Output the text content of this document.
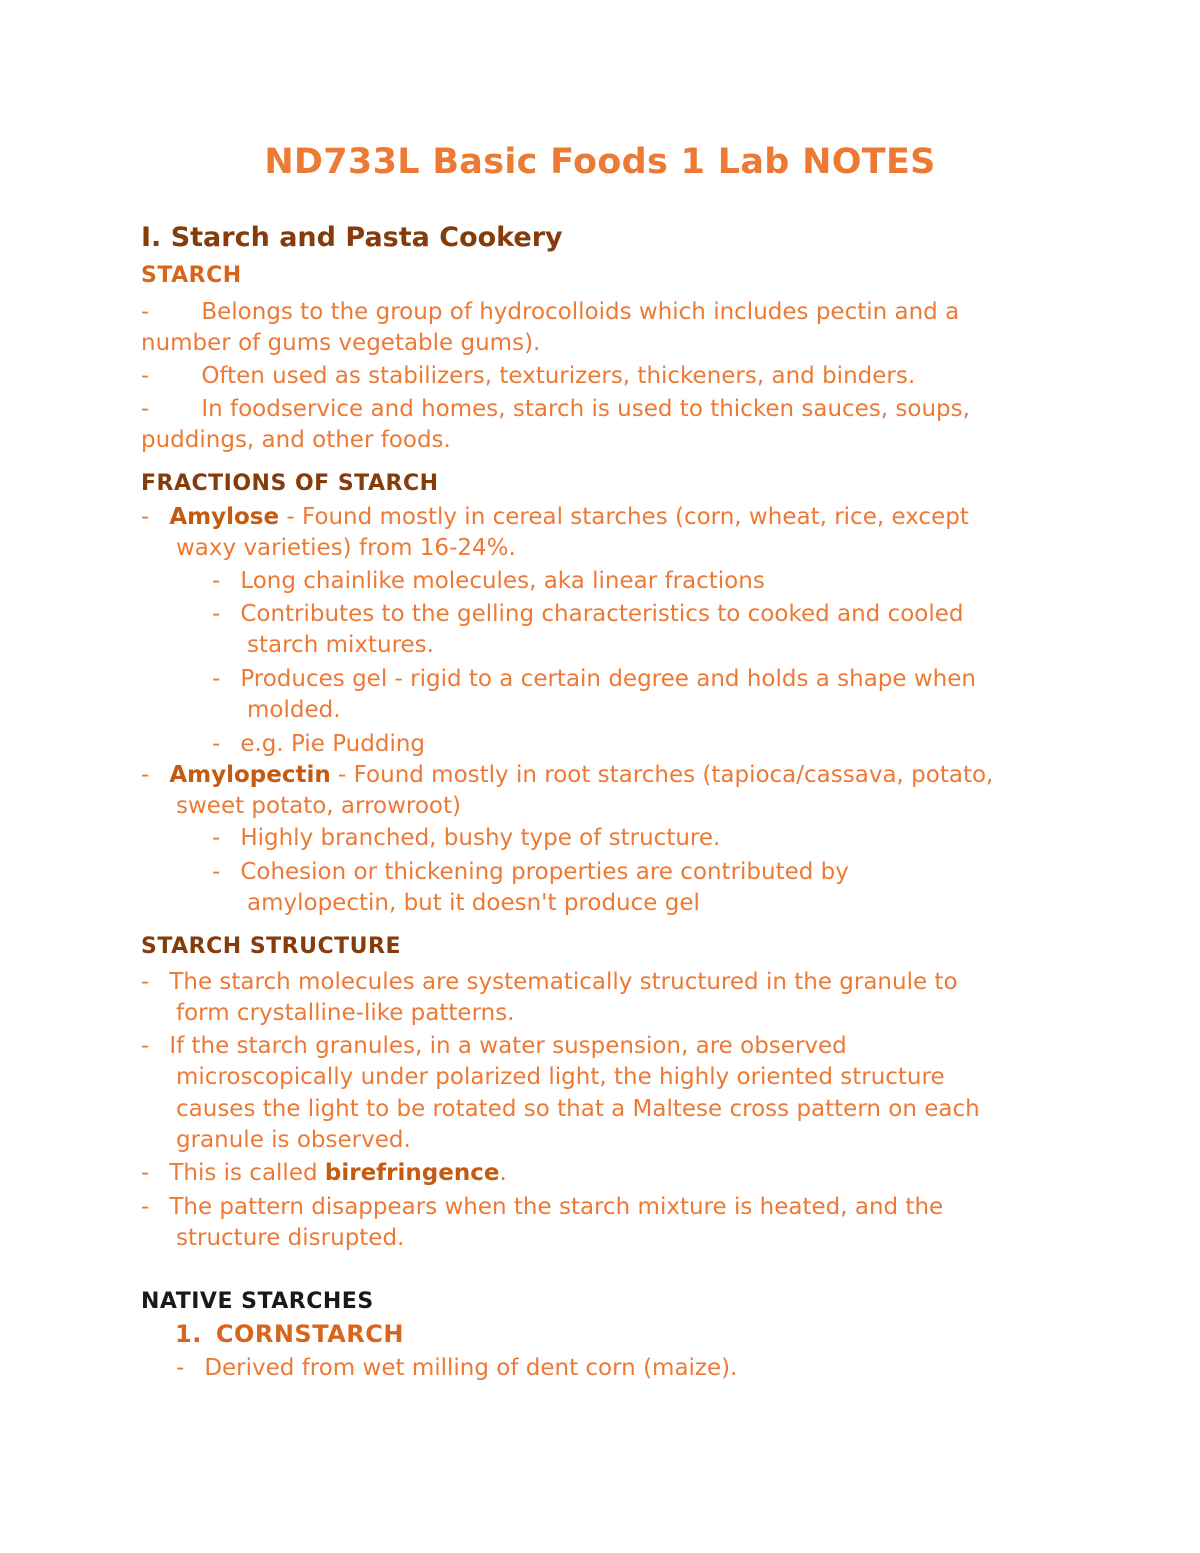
ND733L Basic Foods 1 Lab NOTES
I. Starch and Pasta Cookery
STARCH
- Belongs to the group of hydrocolloids which includes pectin and a
number of gums vegetable gums).
- Often used as stabilizers, texturizers, thickeners, and binders.
- In foodservice and homes, starch is used to thicken sauces, soups,
puddings, and other foods.
FRACTIONS OF STARCH
- Amylose - Found mostly in cereal starches (corn, wheat, rice, except
waxy varieties) from 16-24%.
- Long chainlike molecules, aka linear fractions
- Contributes to the gelling characteristics to cooked and cooled
starch mixtures.
- Produces gel - rigid to a certain degree and holds a shape when
molded.
- e.g. Pie Pudding
- Amylopectin - Found mostly in root starches (tapioca/cassava, potato,
sweet potato, arrowroot)
- Highly branched, bushy type of structure.
- Cohesion or thickening properties are contributed by
amylopectin, but it doesn't produce gel
STARCH STRUCTURE
- The starch molecules are systematically structured in the granule to
form crystalline-like patterns.
- If the starch granules, in a water suspension, are observed
microscopically under polarized light, the highly oriented structure
causes the light to be rotated so that a Maltese cross pattern on each
granule is observed.
- This is called birefringence.
- The pattern disappears when the starch mixture is heated, and the
structure disrupted.
NATIVE STARCHES
1. CORNSTARCH
- Derived from wet milling of dent corn (maize).
